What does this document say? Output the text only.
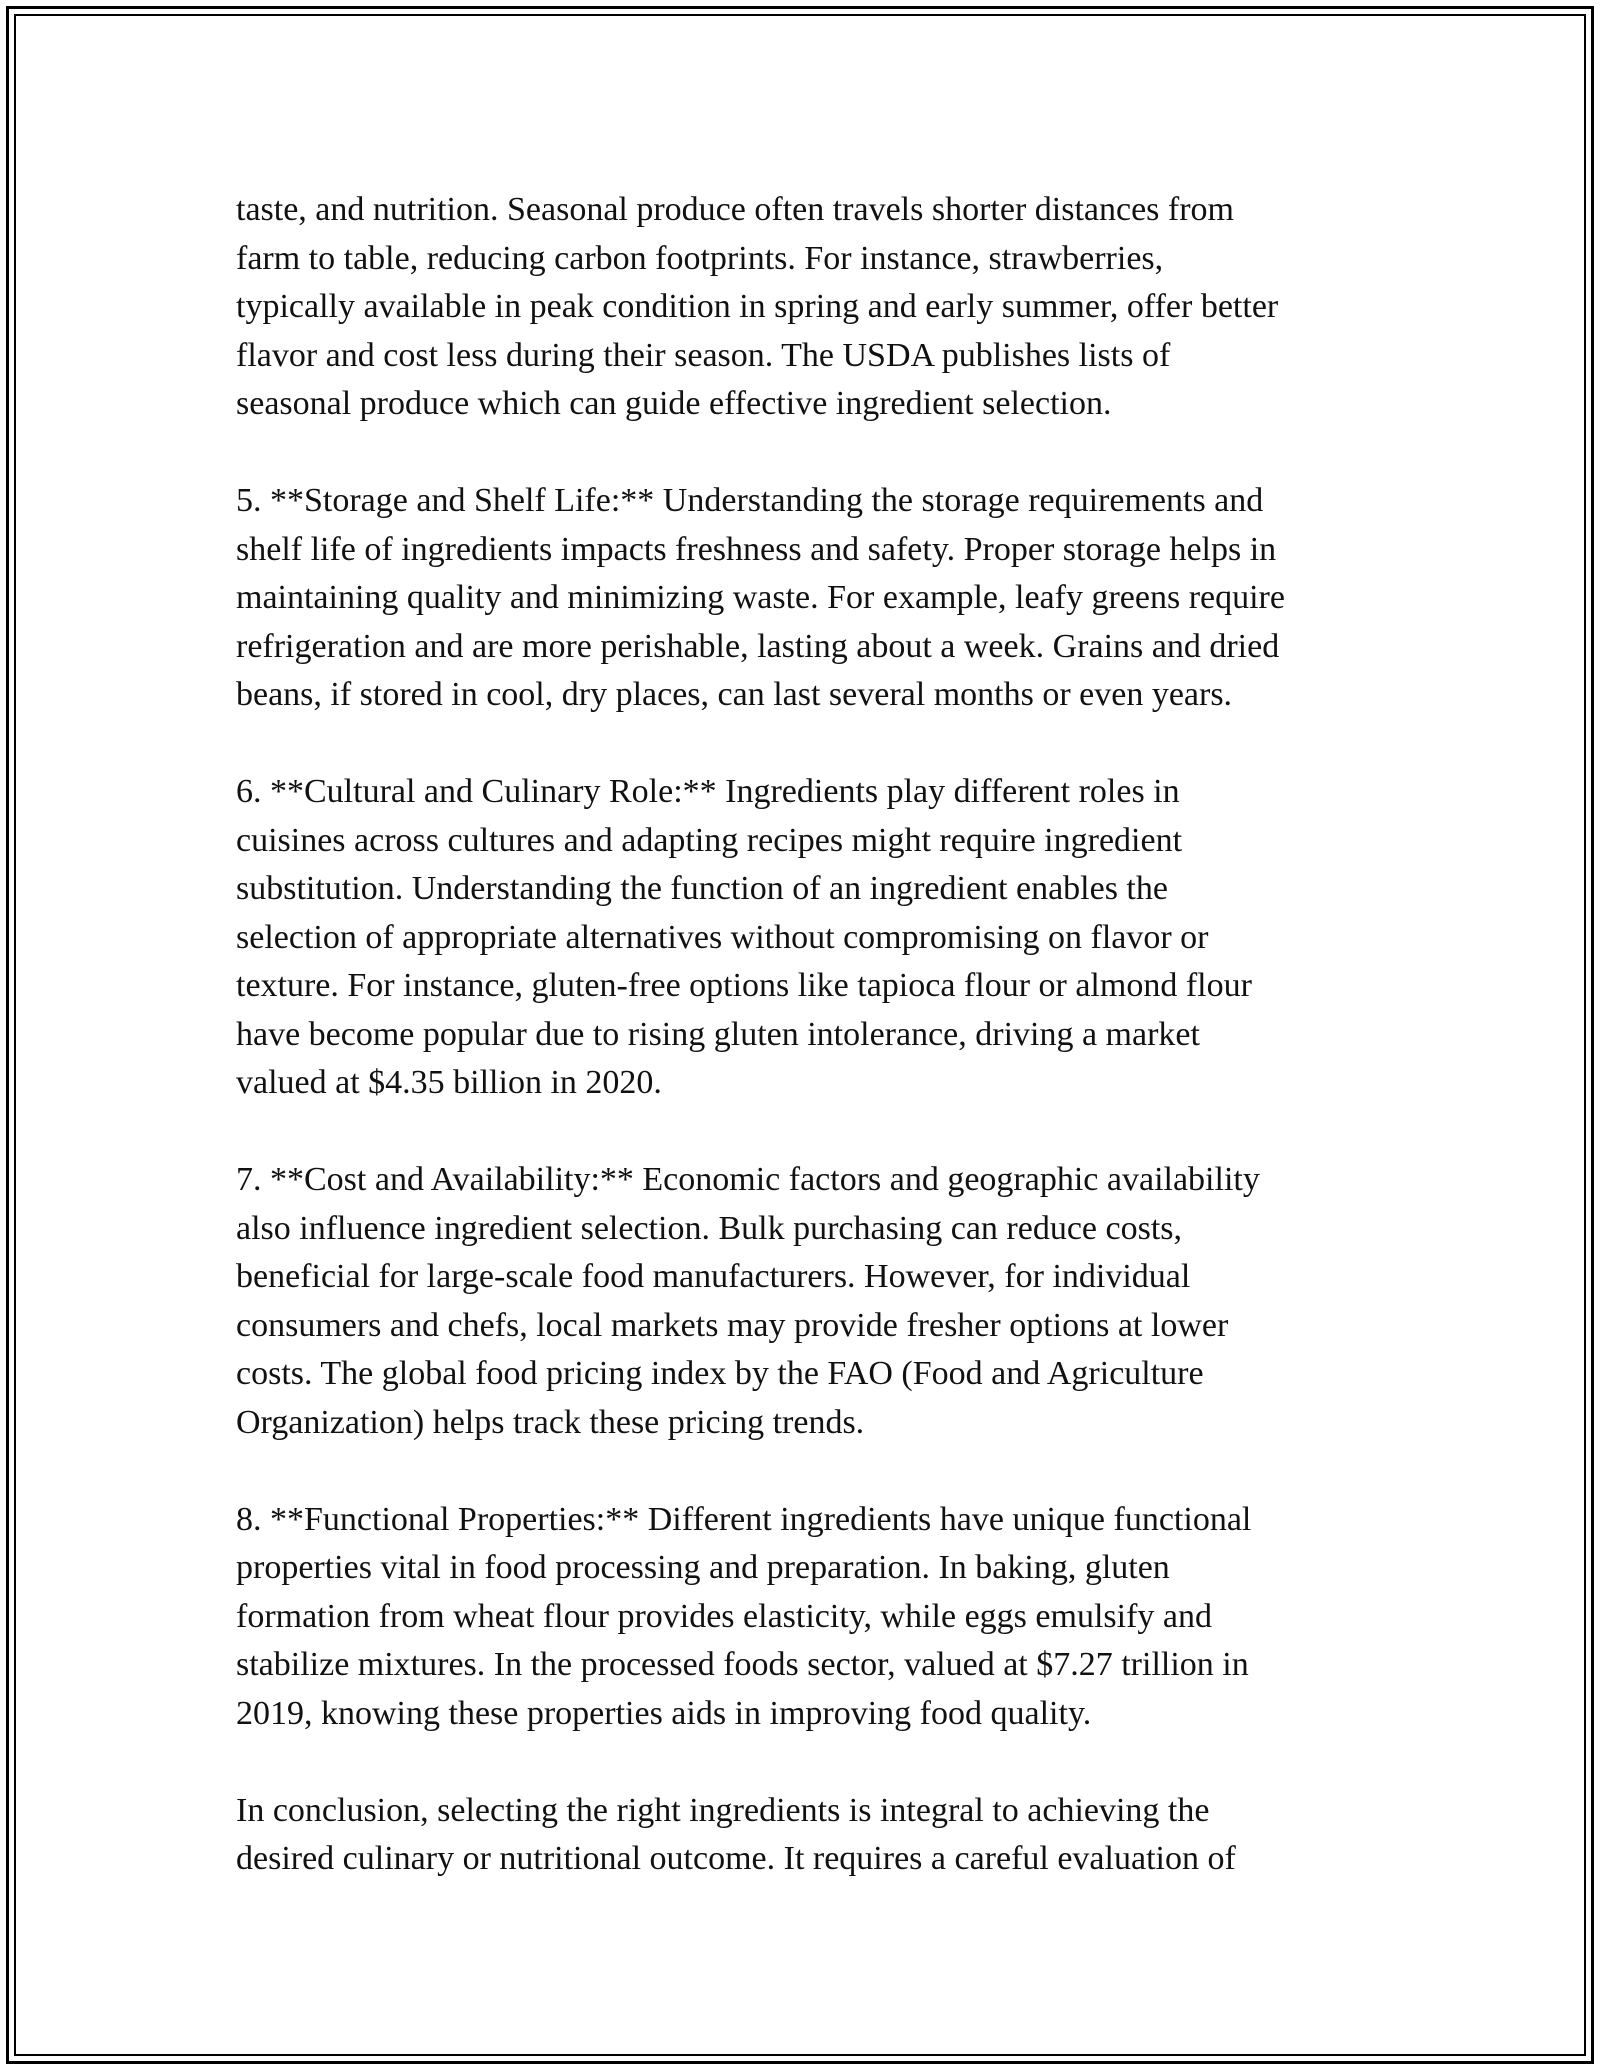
taste, and nutrition. Seasonal produce often travels shorter distances from
farm to table, reducing carbon footprints. For instance, strawberries,
typically available in peak condition in spring and early summer, offer better
flavor and cost less during their season. The USDA publishes lists of
seasonal produce which can guide effective ingredient selection.

5. **Storage and Shelf Life:** Understanding the storage requirements and
shelf life of ingredients impacts freshness and safety. Proper storage helps in
maintaining quality and minimizing waste. For example, leafy greens require
refrigeration and are more perishable, lasting about a week. Grains and dried
beans, if stored in cool, dry places, can last several months or even years.

6. **Cultural and Culinary Role:** Ingredients play different roles in
cuisines across cultures and adapting recipes might require ingredient
substitution. Understanding the function of an ingredient enables the
selection of appropriate alternatives without compromising on flavor or
texture. For instance, gluten-free options like tapioca flour or almond flour
have become popular due to rising gluten intolerance, driving a market
valued at $4.35 billion in 2020.

7. **Cost and Availability:** Economic factors and geographic availability
also influence ingredient selection. Bulk purchasing can reduce costs,
beneficial for large-scale food manufacturers. However, for individual
consumers and chefs, local markets may provide fresher options at lower
costs. The global food pricing index by the FAO (Food and Agriculture
Organization) helps track these pricing trends.

8. **Functional Properties:** Different ingredients have unique functional
properties vital in food processing and preparation. In baking, gluten
formation from wheat flour provides elasticity, while eggs emulsify and
stabilize mixtures. In the processed foods sector, valued at $7.27 trillion in
2019, knowing these properties aids in improving food quality.

In conclusion, selecting the right ingredients is integral to achieving the
desired culinary or nutritional outcome. It requires a careful evaluation of
